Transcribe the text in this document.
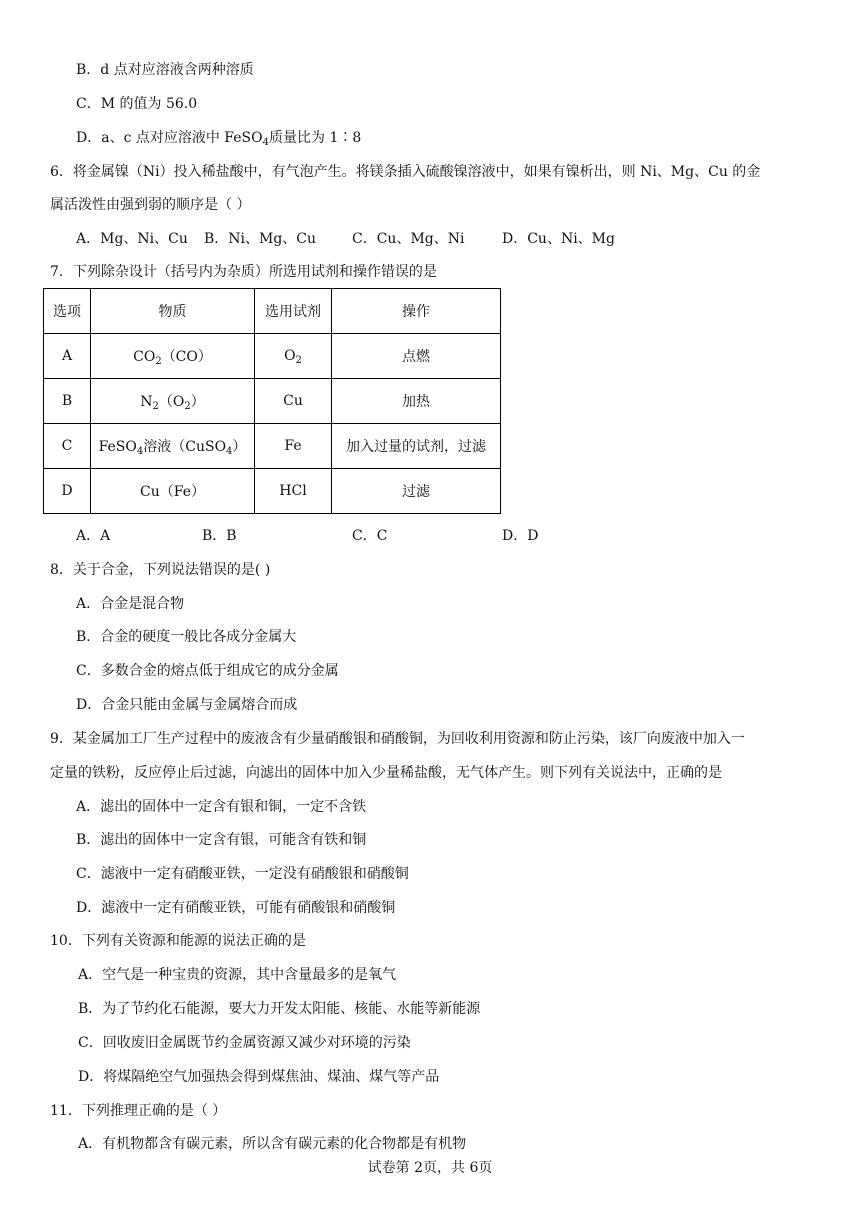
B．d 点对应溶液含两种溶质
C．M 的值为 56.0
D．a、c 点对应溶液中 FeSO$_4$质量比为 1∶8
6．将金属镍（Ni）投入稀盐酸中，有气泡产生。将镁条插入硫酸镍溶液中，如果有镍析出，则 Ni、Mg、Cu 的金
属活泼性由强到弱的顺序是（ ）
A．Mg、Ni、Cu B．Ni、Mg、Cu	C．Cu、Mg、Ni	D．Cu、Ni、Mg
7．下列除杂设计（括号内为杂质）所选用试剂和操作错误的是
选项	物质	选用试剂	操作
A	$CO_2(CO)$	$O_2$	点燃
B	$N_2(O_2)$	Cu	加热
C	FeSO$_4$溶液（CuSO$_4$）	Fe	加入过量的试剂，过滤
D	Cu（Fe）	HCl	过滤
A．A	B．B	C．C	D．D
8．关于合金，下列说法错误的是( )
A．合金是混合物
B．合金的硬度一般比各成分金属大
C．多数合金的熔点低于组成它的成分金属
D．合金只能由金属与金属熔合而成
9．某金属加工厂生产过程中的废液含有少量硝酸银和硝酸铜，为回收利用资源和防止污染，该厂向废液中加入一
定量的铁粉，反应停止后过滤，向滤出的固体中加入少量稀盐酸，无气体产生。则下列有关说法中，正确的是
A．滤出的固体中一定含有银和铜，一定不含铁
B．滤出的固体中一定含有银，可能含有铁和铜
C．滤液中一定有硝酸亚铁，一定没有硝酸银和硝酸铜
D．滤液中一定有硝酸亚铁，可能有硝酸银和硝酸铜
10．下列有关资源和能源的说法正确的是
A．空气是一种宝贵的资源，其中含量最多的是氧气
B．为了节约化石能源，要大力开发太阳能、核能、水能等新能源
C．回收废旧金属既节约金属资源又减少对环境的污染
D．将煤隔绝空气加强热会得到煤焦油、煤油、煤气等产品
11．下列推理正确的是（ ）
A．有机物都含有碳元素，所以含有碳元素的化合物都是有机物
试卷第 2页，共 6页
